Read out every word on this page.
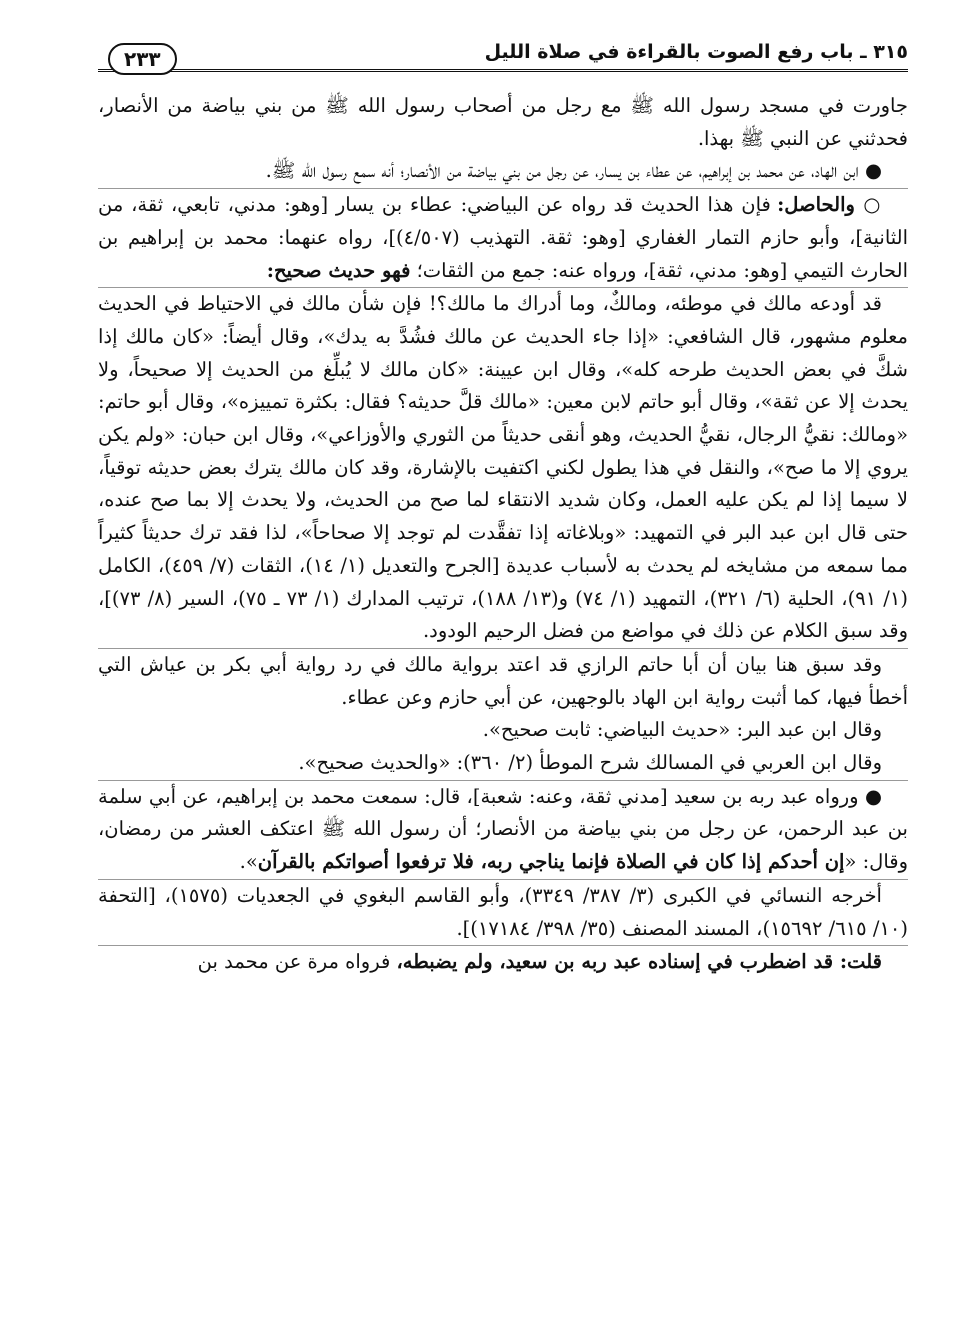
٣١٥ ـ باب رفع الصوت بالقراءة في صلاة الليل
٢٣٣

جاورت في مسجد رسول الله ﷺ مع رجل من أصحاب رسول الله ﷺ من بني بياضة من الأنصار، فحدثني عن النبي ﷺ بهذا.

● ابن الهاد، عن محمد بن إبراهيم، عن عطاء بن يسار، عن رجل من بني بياضة من الأنصار؛ أنه سمع رسول الله ﷺ.

○ والحاصل: فإن هذا الحديث قد رواه عن البياضي: عطاء بن يسار [وهو: مدني، تابعي، ثقة، من الثانية]، وأبو حازم التمار الغفاري [وهو: ثقة. التهذيب (٤/٥٠٧)]، رواه عنهما: محمد بن إبراهيم بن الحارث التيمي [وهو: مدني، ثقة]، ورواه عنه: جمع من الثقات؛ فهو حديث صحيح:

قد أودعه مالك في موطئه، ومالكٌ، وما أدراك ما مالك؟! فإن شأن مالك في الاحتياط في الحديث معلوم مشهور، قال الشافعي: «إذا جاء الحديث عن مالك فشُدَّ به يدك»، وقال أيضاً: «كان مالك إذا شكَّ في بعض الحديث طرحه كله»، وقال ابن عيينة: «كان مالك لا يُبلِّغ من الحديث إلا صحيحاً، ولا يحدث إلا عن ثقة»، وقال أبو حاتم لابن معين: «مالك قلَّ حديثه؟ فقال: بكثرة تمييزه»، وقال أبو حاتم: «ومالك: نقيُّ الرجال، نقيُّ الحديث، وهو أنقى حديثاً من الثوري والأوزاعي»، وقال ابن حبان: «ولم يكن يروي إلا ما صح»، والنقل في هذا يطول لكني اكتفيت بالإشارة، وقد كان مالك يترك بعض حديثه توقياً، لا سيما إذا لم يكن عليه العمل، وكان شديد الانتقاء لما صح من الحديث، ولا يحدث إلا بما صح عنده، حتى قال ابن عبد البر في التمهيد: «وبلاغاته إذا تفقَّدت لم توجد إلا صحاحاً»، لذا فقد ترك حديثاً كثيراً مما سمعه من مشايخه لم يحدث به لأسباب عديدة [الجرح والتعديل (١/ ١٤)، الثقات (٧/ ٤٥٩)، الكامل (١/ ٩١)، الحلية (٦/ ٣٢١)، التمهيد (١/ ٧٤) و(١٣/ ١٨٨)، ترتيب المدارك (١/ ٧٣ ـ ٧٥)، السير (٨/ ٧٣)]، وقد سبق الكلام عن ذلك في مواضع من فضل الرحيم الودود.

وقد سبق هنا بيان أن أبا حاتم الرازي قد اعتد برواية مالك في رد رواية أبي بكر بن عياش التي أخطأ فيها، كما أثبت رواية ابن الهاد بالوجهين، عن أبي حازم وعن عطاء.

وقال ابن عبد البر: «حديث البياضي: ثابت صحيح».

وقال ابن العربي في المسالك شرح الموطأ (٢/ ٣٦٠): «والحديث صحيح».

● ورواه عبد ربه بن سعيد [مدني ثقة، وعنه: شعبة]، قال: سمعت محمد بن إبراهيم، عن أبي سلمة بن عبد الرحمن، عن رجل من بني بياضة من الأنصار؛ أن رسول الله ﷺ اعتكف العشر من رمضان، وقال: «إن أحدكم إذا كان في الصلاة فإنما يناجي ربه، فلا ترفعوا أصواتكم بالقرآن».

أخرجه النسائي في الكبرى (٣/ ٣٨٧/ ٣٣٤٩)، وأبو القاسم البغوي في الجعديات (١٥٧٥)، [التحفة (١٠/ ٦١٥/ ١٥٦٩٢)، المسند المصنف (٣٥/ ٣٩٨/ ١٧١٨٤)].

قلت: قد اضطرب في إسناده عبد ربه بن سعيد، ولم يضبطه، فرواه مرة عن محمد بن
